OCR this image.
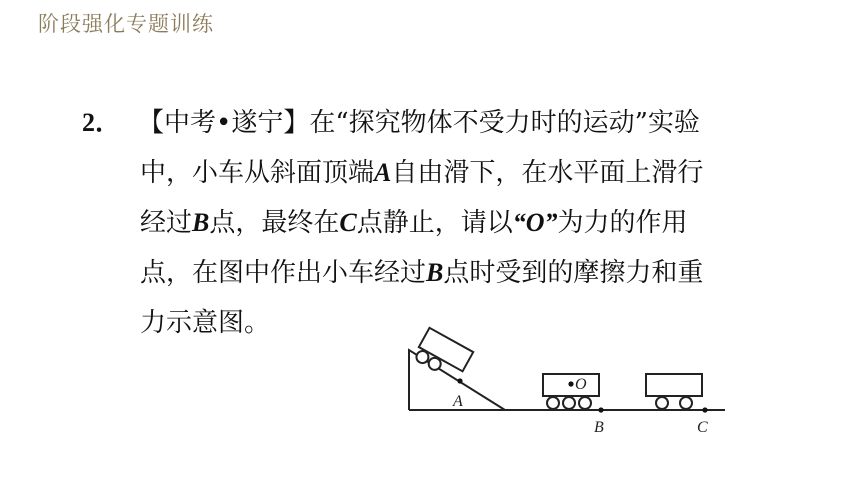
阶段强化专题训练
2． 【中考•遂宁】在“探究物体不受力时的运动”实验
中，小车从斜面顶端A自由滑下，在水平面上滑行
经过B点，最终在C点静止，请以“O”为力的作用
点，在图中作出小车经过B点时受到的摩擦力和重
力示意图。
A
O
B	C
